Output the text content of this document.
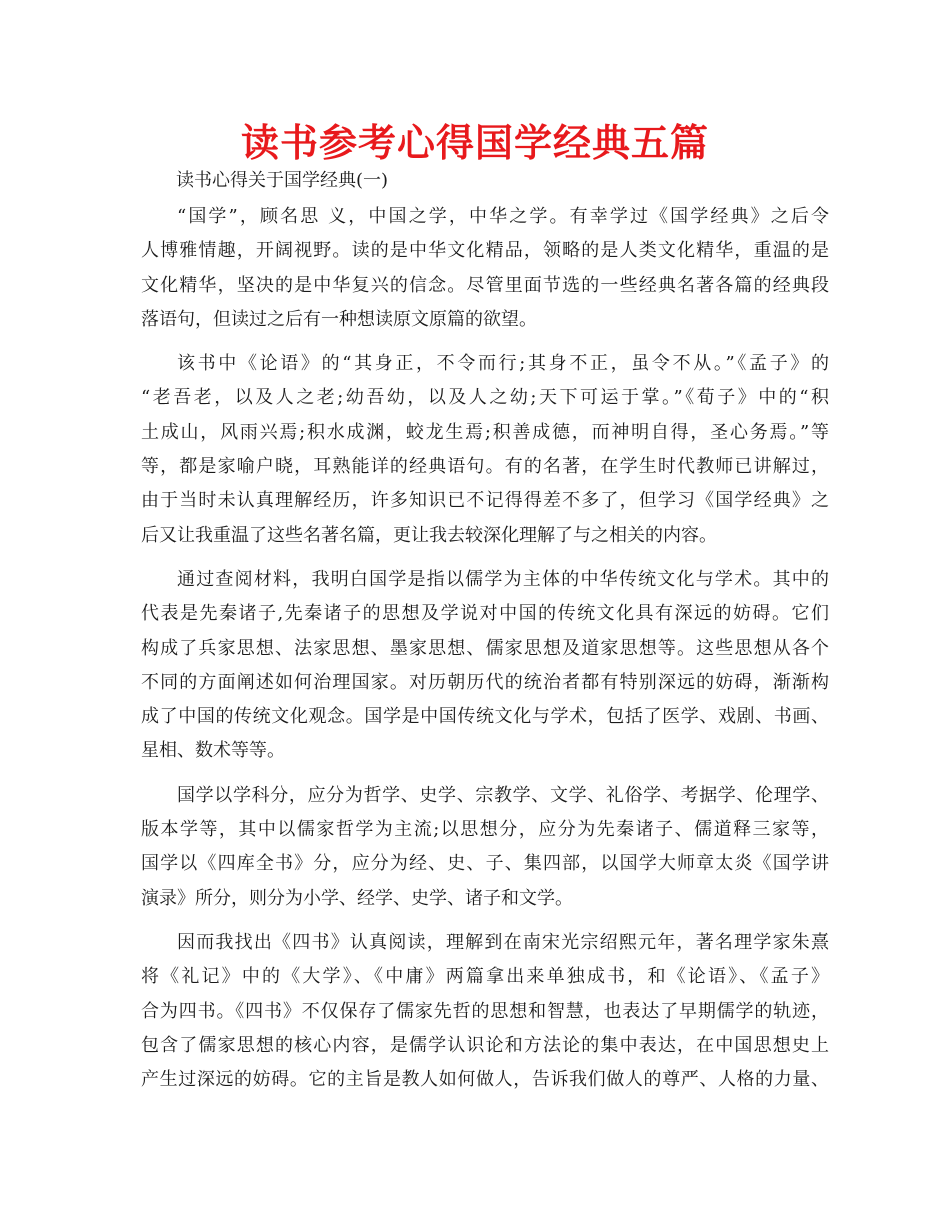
读书参考心得国学经典五篇
读书心得关于国学经典(一)
“国学”，顾名思 义，中国之学，中华之学。有幸学过《国学经典》之后令
人博雅情趣，开阔视野。读的是中华文化精品，领略的是人类文化精华，重温的是
文化精华，坚决的是中华复兴的信念。尽管里面节选的一些经典名著各篇的经典段
落语句，但读过之后有一种想读原文原篇的欲望。
该书中《论语》的“其身正，不令而行;其身不正，虽令不从。”《孟子》的
“老吾老，以及人之老;幼吾幼，以及人之幼;天下可运于掌。”《荀子》中的“积
土成山，风雨兴焉;积水成渊，蛟龙生焉;积善成德，而神明自得，圣心务焉。”等
等，都是家喻户晓，耳熟能详的经典语句。有的名著，在学生时代教师已讲解过，
由于当时未认真理解经历，许多知识已不记得得差不多了，但学习《国学经典》之
后又让我重温了这些名著名篇，更让我去较深化理解了与之相关的内容。
通过查阅材料，我明白国学是指以儒学为主体的中华传统文化与学术。其中的
代表是先秦诸子,先秦诸子的思想及学说对中国的传统文化具有深远的妨碍。它们
构成了兵家思想、法家思想、墨家思想、儒家思想及道家思想等。这些思想从各个
不同的方面阐述如何治理国家。对历朝历代的统治者都有特别深远的妨碍，渐渐构
成了中国的传统文化观念。国学是中国传统文化与学术，包括了医学、戏剧、书画、
星相、数术等等。
国学以学科分，应分为哲学、史学、宗教学、文学、礼俗学、考据学、伦理学、
版本学等，其中以儒家哲学为主流;以思想分，应分为先秦诸子、儒道释三家等，
国学以《四库全书》分，应分为经、史、子、集四部，以国学大师章太炎《国学讲
演录》所分，则分为小学、经学、史学、诸子和文学。
因而我找出《四书》认真阅读，理解到在南宋光宗绍熙元年，著名理学家朱熹
将《礼记》中的《大学》、《中庸》两篇拿出来单独成书，和《论语》、《孟子》
合为四书。《四书》不仅保存了儒家先哲的思想和智慧，也表达了早期儒学的轨迹，
包含了儒家思想的核心内容，是儒学认识论和方法论的集中表达，在中国思想史上
产生过深远的妨碍。它的主旨是教人如何做人，告诉我们做人的尊严、人格的力量、
